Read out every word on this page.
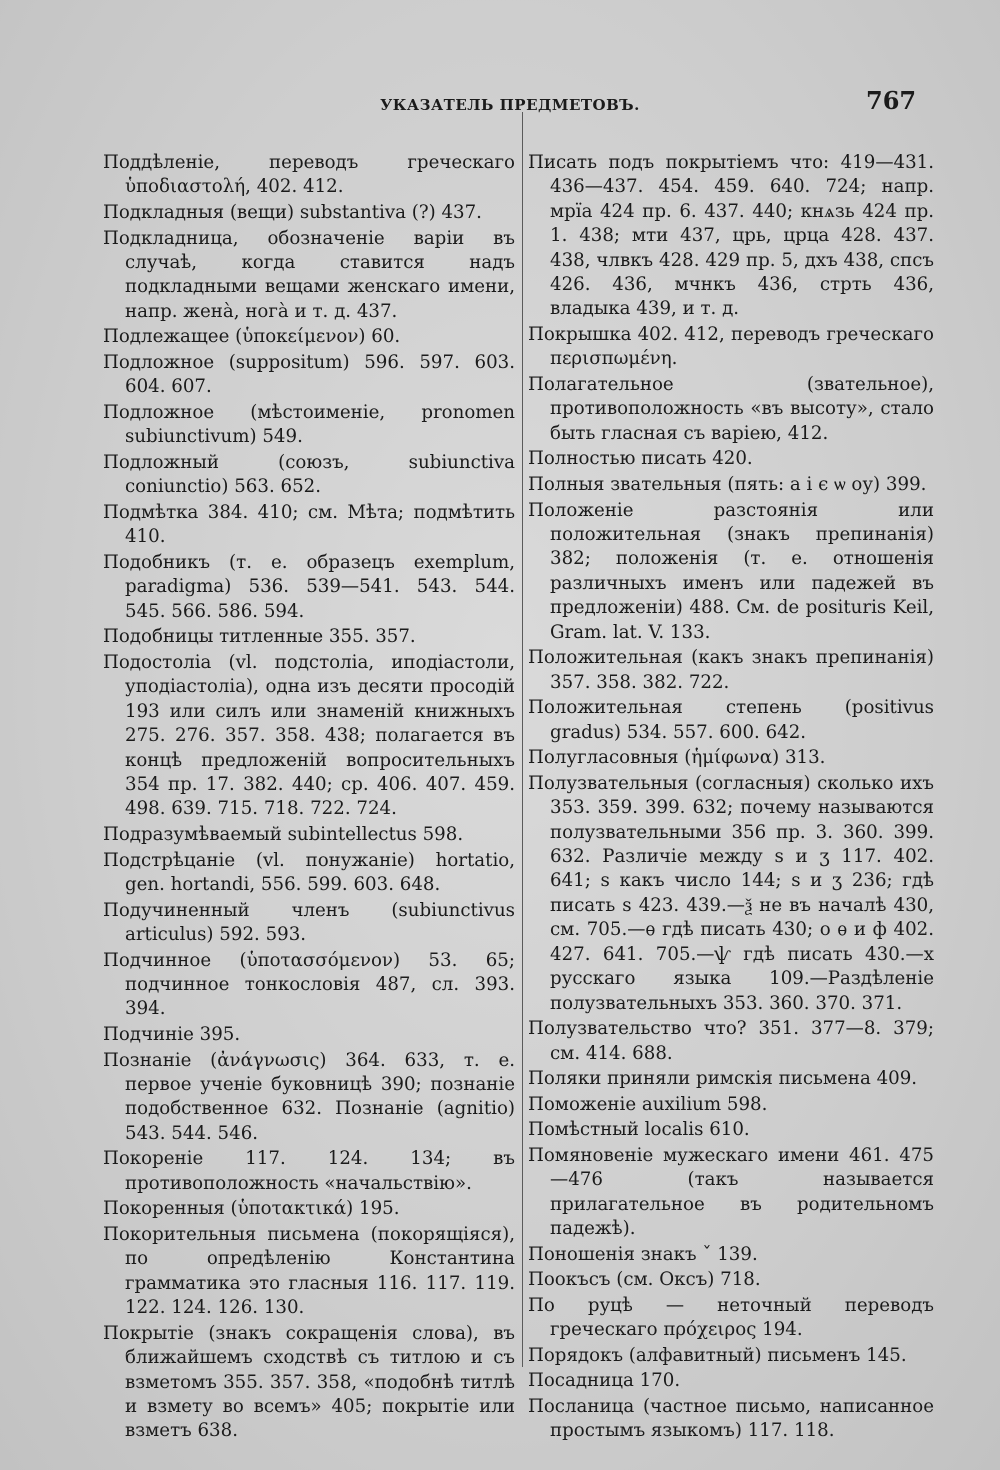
УКАЗАТЕЛЬ ПРЕДМЕТОВЪ.	767

Поддѣленіе, переводъ греческаго ὑποδιαστολή, 402. 412.

Подкладныя (вещи) substantiva (?) 437.

Подкладница, обозначеніе варіи въ случаѣ, когда ставится надъ подкладными вещами женскаго имени, напр. женà, ногà и т. д. 437.

Подлежащее (ὑποκείμενον) 60.

Подложное (suppositum) 596. 597. 603. 604. 607.

Подложное (мѣстоименіе, pronomen subiunctivum) 549.

Подложный (союзъ, subiunctiva coniunctio) 563. 652.

Подмѣтка 384. 410; см. Мѣта; подмѣтить 410.

Подобникъ (т. е. образецъ exemplum, paradigma) 536. 539—541. 543. 544. 545. 566. 586. 594.

Подобницы титленные 355. 357.

Подостоліа (vl. подстоліа, иподіастоли, уподіастоліа), одна изъ десяти просодій 193 или силъ или знаменій книжныхъ 275. 276. 357. 358. 438; полагается въ концѣ предложеній вопросительныхъ 354 пр. 17. 382. 440; ср. 406. 407. 459. 498. 639. 715. 718. 722. 724.

Подразумѣваемый subintellectus 598.

Подстрѣцаніе (vl. понужаніе) hortatio, gen. hortandi, 556. 599. 603. 648.

Подучиненный членъ (subiunctivus articulus) 592. 593.

Подчинное (ὑποτασσόμενον) 53. 65; подчинное тонкословія 487, сл. 393. 394.

Подчиніе 395.

Познаніе (ἀνάγνωσις) 364. 633, т. е. первое ученіе буковницѣ 390; познаніе подобственное 632. Познаніе (agnitio) 543. 544. 546.

Покореніе 117. 124. 134; въ противоположность «начальствію».

Покоренныя (ὑποτακτικά) 195.

Покорительныя письмена (покорящіяся), по опредѣленію Константина грамматика это гласныя 116. 117. 119. 122. 124. 126. 130.

Покрытіе (знакъ сокращенія слова), въ ближайшемъ сходствѣ съ титлою и съ взметомъ 355. 357. 358, «подобнѣ титлѣ и взмету во всемъ» 405; покрытіе или взметъ 638.

Писать подъ покрытіемъ что: 419—431. 436—437. 454. 459. 640. 724; напр. мрїа 424 пр. 6. 437. 440; кнѧзь 424 пр. 1. 438; мти 437, црь, црца 428. 437. 438, члвкъ 428. 429 пр. 5, дхъ 438, спсъ 426. 436, мчнкъ 436, стрть 436, владыка 439, и т. д.

Покрышка 402. 412, переводъ греческаго περισπωμένη.

Полагательное (звательное), противоположность «въ высоту», стало быть гласная съ варіею, 412.

Полностью писать 420.

Полныя звательныя (пять: а і є ѡ оу) 399.

Положеніе разстоянія или положительная (знакъ препинанія) 382; положенія (т. е. отношенія различныхъ именъ или падежей въ предложеніи) 488. См. de posituris Keil, Gram. lat. V. 133.

Положительная (какъ знакъ препинанія) 357. 358. 382. 722.

Положительная степень (positivus gradus) 534. 557. 600. 642.

Полугласовныя (ἡμίφωνα) 313.

Полузвательныя (согласныя) сколько ихъ 353. 359. 399. 632; почему называются полузвательными 356 пр. 3. 360. 399. 632. Различіе между ѕ и ʒ 117. 402. 641; ѕ какъ число 144; ѕ и ʒ 236; гдѣ писать ѕ 423. 439.—ѯ не въ началѣ 430, см. 705.—ѳ гдѣ писать 430; о ѳ и ф 402. 427. 641. 705.—ѱ гдѣ писать 430.—х русскаго языка 109.—Раздѣленіе полузвательныхъ 353. 360. 370. 371.

Полузвательство что? 351. 377—8. 379; см. 414. 688.

Поляки приняли римскія письмена 409.

Поможеніе auxilium 598.

Помѣстный localis 610.

Помяновеніе мужескаго имени 461. 475—476 (такъ называется прилагательное въ родительномъ падежѣ).

Поношенія знакъ ˇ 139.

Поокъсъ (см. Оксъ) 718.

По руцѣ — неточный переводъ греческаго πρόχειρος 194.

Порядокъ (алфавитный) письменъ 145.

Посадница 170.

Посланица (частное письмо, написанное простымъ языкомъ) 117. 118.
